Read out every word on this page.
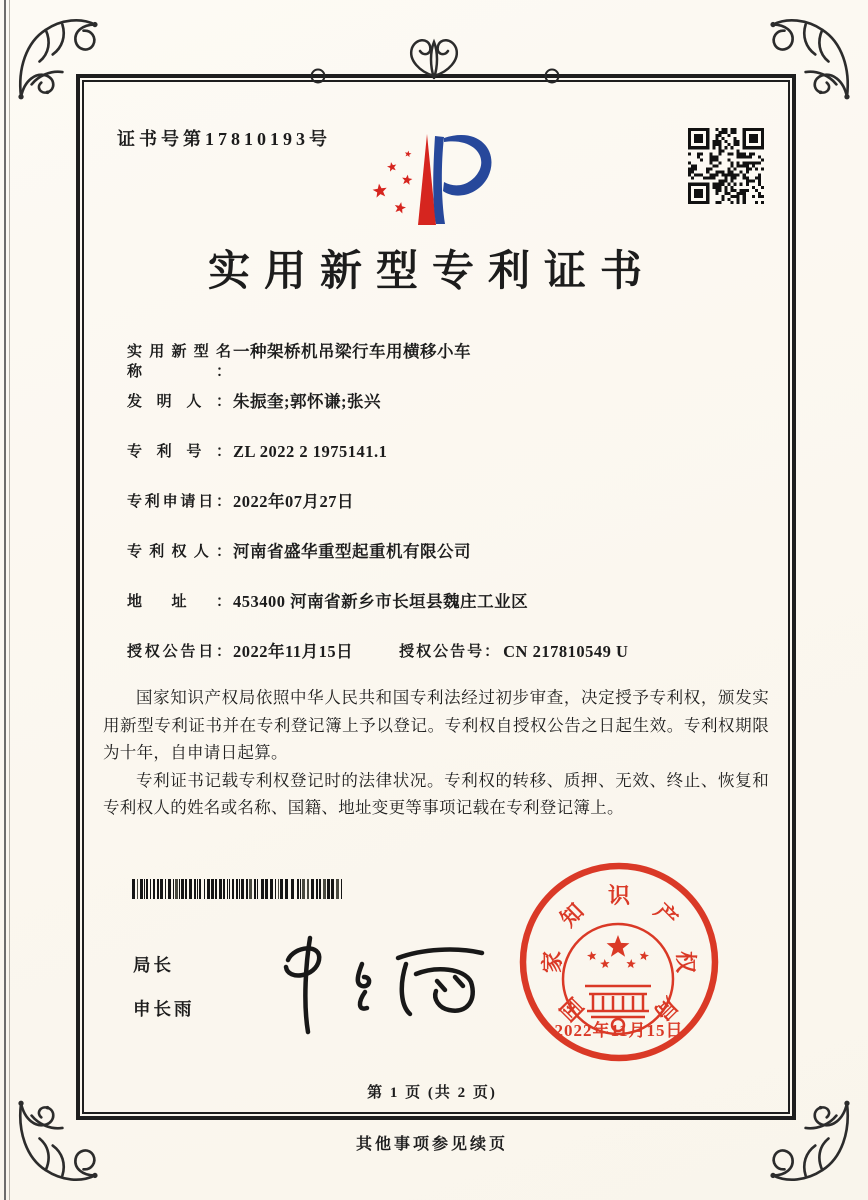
证书号第17810193号
实用新型专利证书
实用新型名称：
一种架桥机吊梁行车用横移小车
发明人： 朱振奎;郭怀谦;张兴
专利号： ZL 2022 2 1975141.1
专利申请日： 2022年07月27日
专利权人： 河南省盛华重型起重机有限公司
地址： 453400 河南省新乡市长垣县魏庄工业区
授权公告日： 2022年11月15日	授权公告号： CN 217810549 U

国家知识产权局依照中华人民共和国专利法经过初步审查，决定授予专利权，颁发实用新型专利证书并在专利登记簿上予以登记。专利权自授权公告之日起生效。专利权期限为十年，自申请日起算。

专利证书记载专利权登记时的法律状况。专利权的转移、质押、无效、终止、恢复和专利权人的姓名或名称、国籍、地址变更等事项记载在专利登记簿上。

局长
申长雨	国
家
知
识
产
权
局
2022年11月15日
第 1 页 (共 2 页)
其他事项参见续页
